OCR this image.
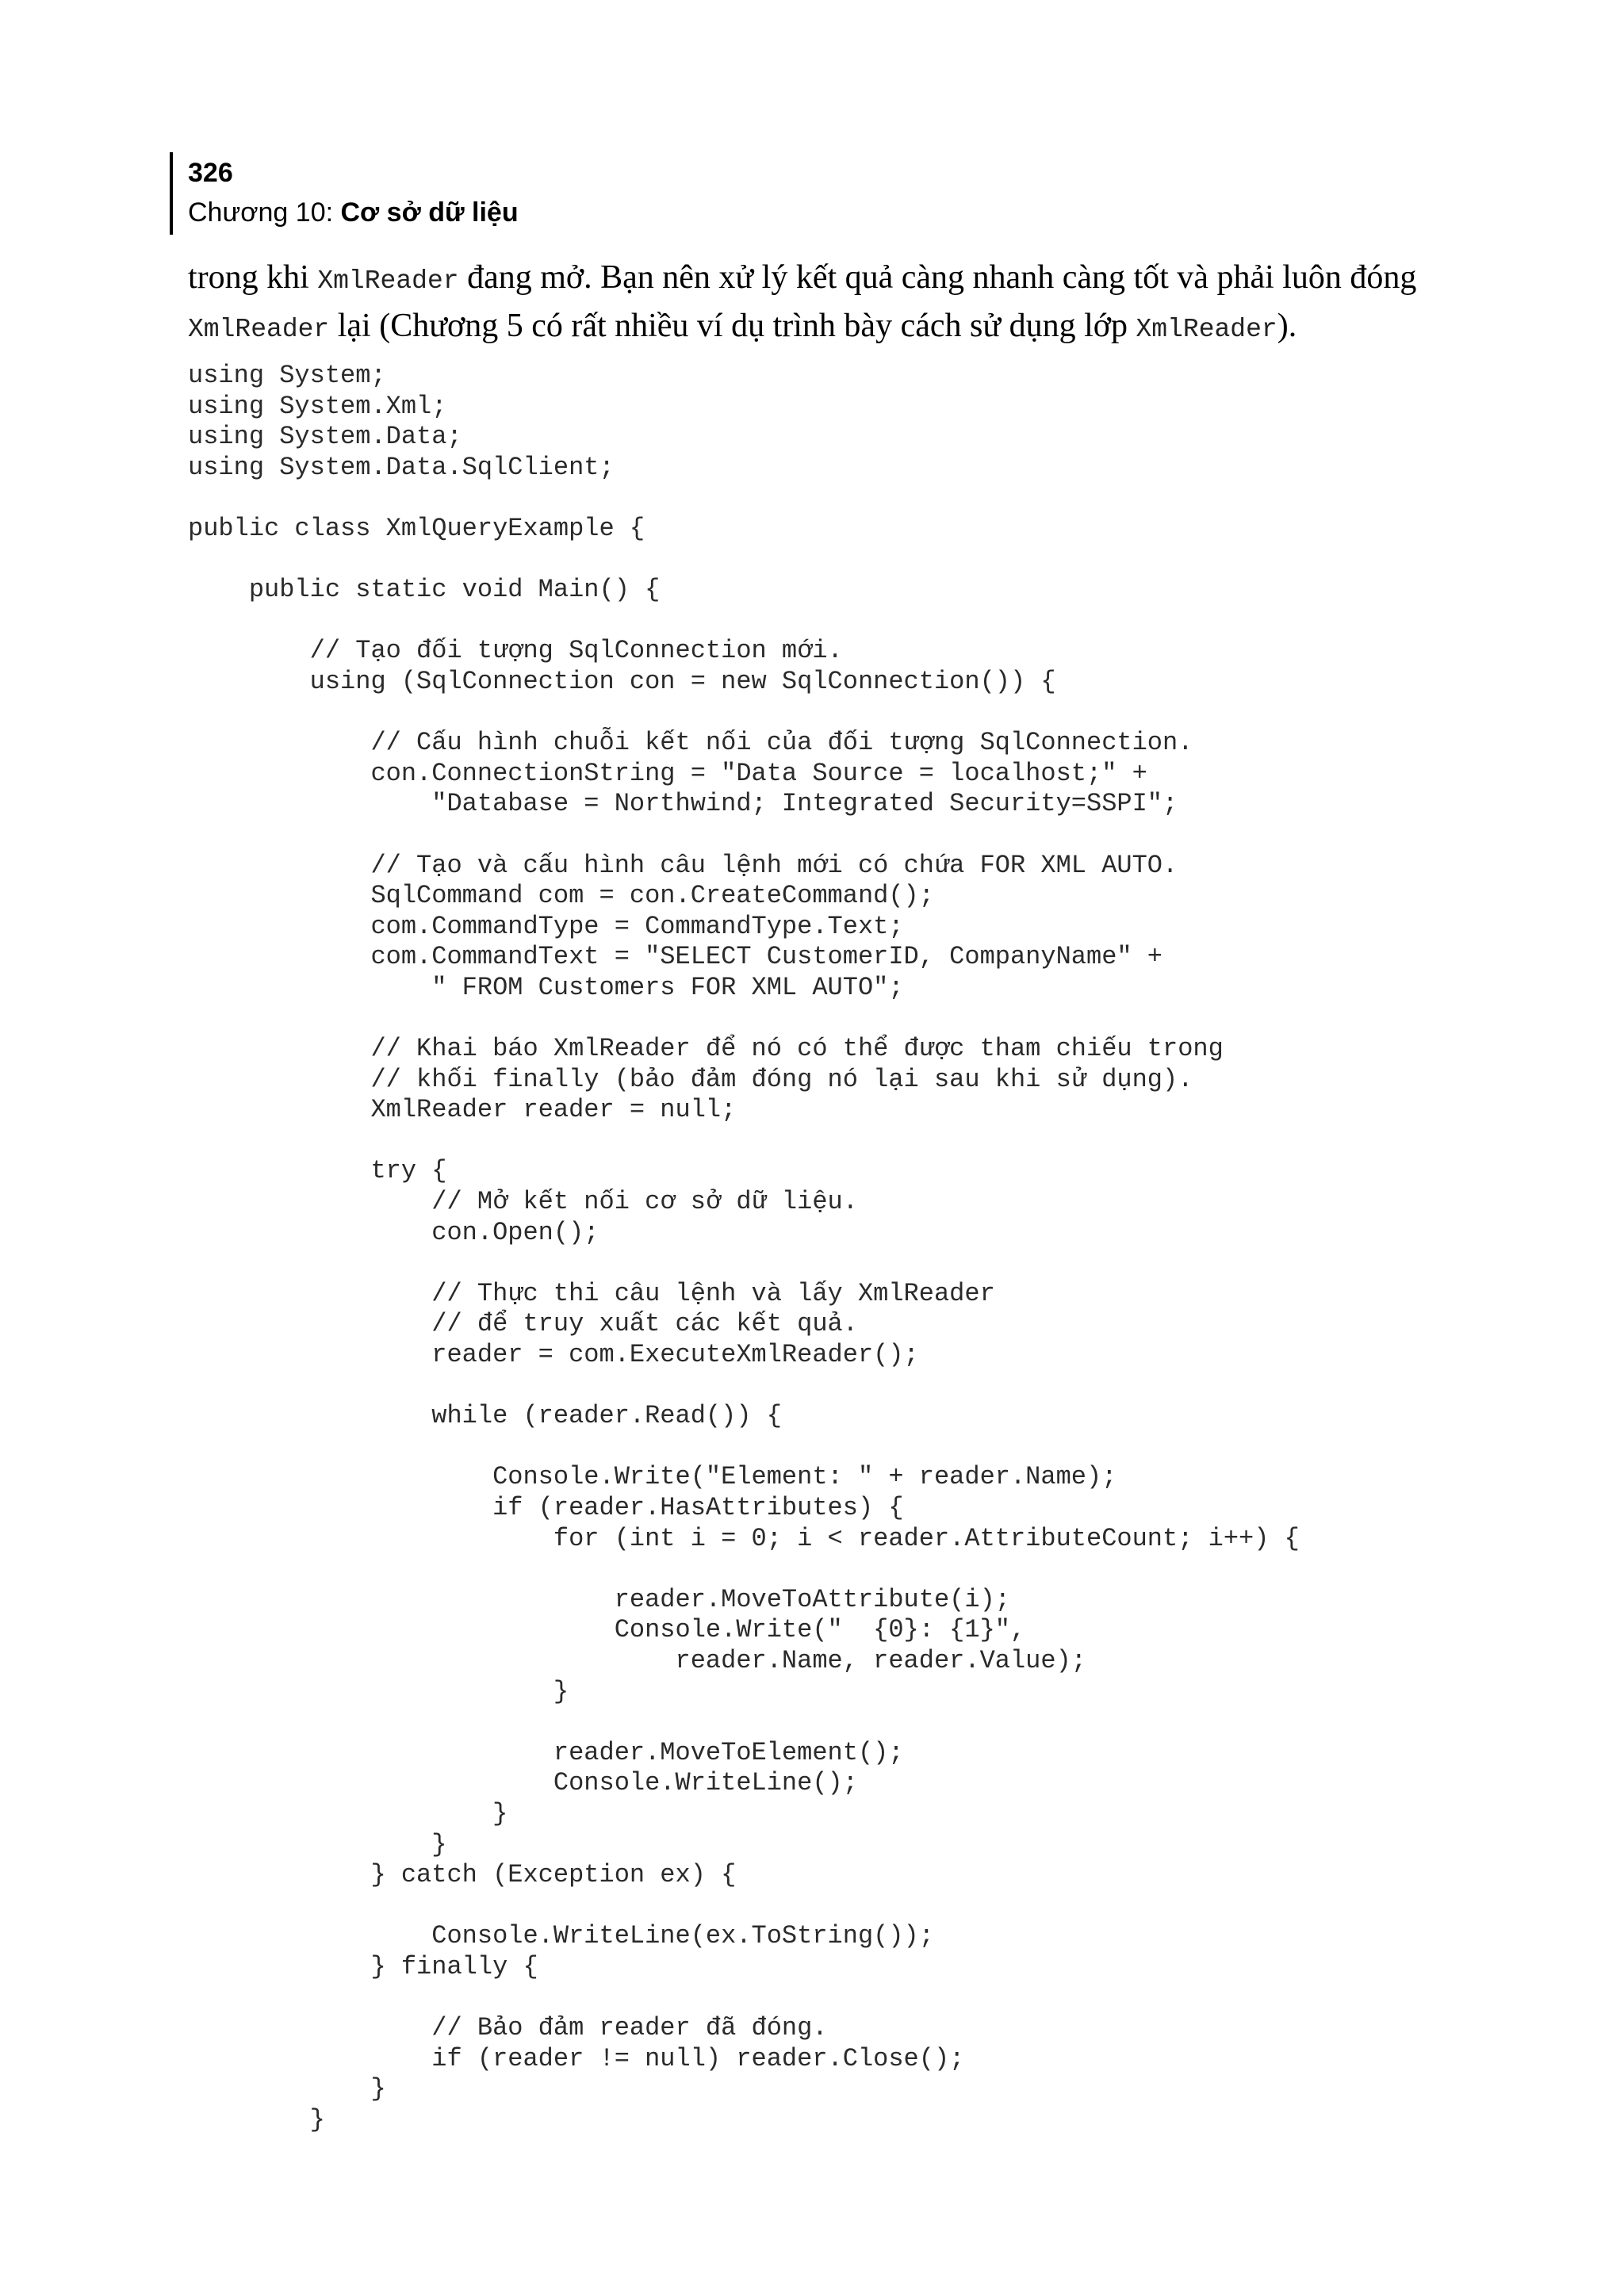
326
Chương 10: Cơ sở dữ liệu
trong khi XmlReader đang mở. Bạn nên xử lý kết quả càng nhanh càng tốt và phải luôn đóng
XmlReader lại (Chương 5 có rất nhiều ví dụ trình bày cách sử dụng lớp XmlReader).
using System;
using System.Xml;
using System.Data;
using System.Data.SqlClient;

public class XmlQueryExample {

public static void Main() {

// Tạo đối tượng SqlConnection mới.
using (SqlConnection con = new SqlConnection()) {

// Cấu hình chuỗi kết nối của đối tượng SqlConnection.
con.ConnectionString = "Data Source = localhost;" +
"Database = Northwind; Integrated Security=SSPI";

// Tạo và cấu hình câu lệnh mới có chứa FOR XML AUTO.
SqlCommand com = con.CreateCommand();
com.CommandType = CommandType.Text;
com.CommandText = "SELECT CustomerID, CompanyName" +
" FROM Customers FOR XML AUTO";

// Khai báo XmlReader để nó có thể được tham chiếu trong
// khối finally (bảo đảm đóng nó lại sau khi sử dụng).
XmlReader reader = null;

try {
// Mở kết nối cơ sở dữ liệu.
con.Open();

// Thực thi câu lệnh và lấy XmlReader
// để truy xuất các kết quả.
reader = com.ExecuteXmlReader();

while (reader.Read()) {

Console.Write("Element: " + reader.Name);
if (reader.HasAttributes) {
for (int i = 0; i < reader.AttributeCount; i++) {

reader.MoveToAttribute(i);
Console.Write("  {0}: {1}",
reader.Name, reader.Value);
}

reader.MoveToElement();
Console.WriteLine();
}
}
} catch (Exception ex) {

Console.WriteLine(ex.ToString());
} finally {

// Bảo đảm reader đã đóng.
if (reader != null) reader.Close();
}
}
